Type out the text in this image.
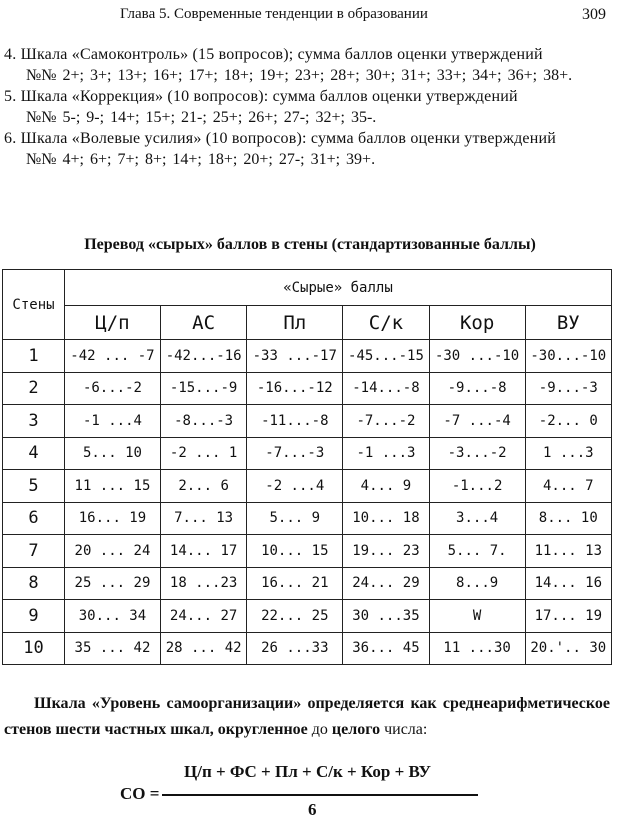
Глава 5. Современные тенденции в образовании	309
4. Шкала «Самоконтроль» (15 вопросов); сумма баллов оценки утверждений
№№ 2+; 3+; 13+; 16+; 17+; 18+; 19+; 23+; 28+; 30+; 31+; 33+; 34+; 36+; 38+.
5. Шкала «Коррекция» (10 вопросов): сумма баллов оценки утверждений
№№ 5-; 9-; 14+; 15+; 21-; 25+; 26+; 27-; 32+; 35-.
6. Шкала «Волевые усилия» (10 вопросов): сумма баллов оценки утверждений
№№ 4+; 6+; 7+; 8+; 14+; 18+; 20+; 27-; 31+; 39+.
Перевод «сырых» баллов в стены (стандартизованные баллы)
Стены	«Сырые» баллы					
	Ц/п	АС	Пл	С/к	Кор	ВУ
1	-42 ... -7	-42...-16	-33 ...-17	-45...-15	-30 ...-10	-30...-10
2	-6...-2	-15...-9	-16...-12	-14...-8	-9...-8	-9...-3
3	-1 ...4	-8...-3	-11...-8	-7...-2	-7 ...-4	-2... 0
4	5... 10	-2 ... 1	-7...-3	-1 ...3	-3...-2	1 ...3
5	11 ... 15	2... 6	-2 ...4	4... 9	-1...2	4... 7
6	16... 19	7... 13	5... 9	10... 18	3...4	8... 10
7	20 ... 24	14... 17	10... 15	19... 23	5... 7.	11... 13
8	25 ... 29	18 ...23	16... 21	24... 29	8...9	14... 16
9	30... 34	24... 27	22... 25	30 ...35	W	17... 19
10	35 ... 42	28 ... 42	26 ...33	36... 45	11 ...30	20.'.. 30
Шкала «Уровень самоорганизации» определяется как среднеарифметическое стенов шести частных шкал, округленное до целого числа:
СО =
Ц/п + ФС + Пл + С/к + Кор + ВУ
6
